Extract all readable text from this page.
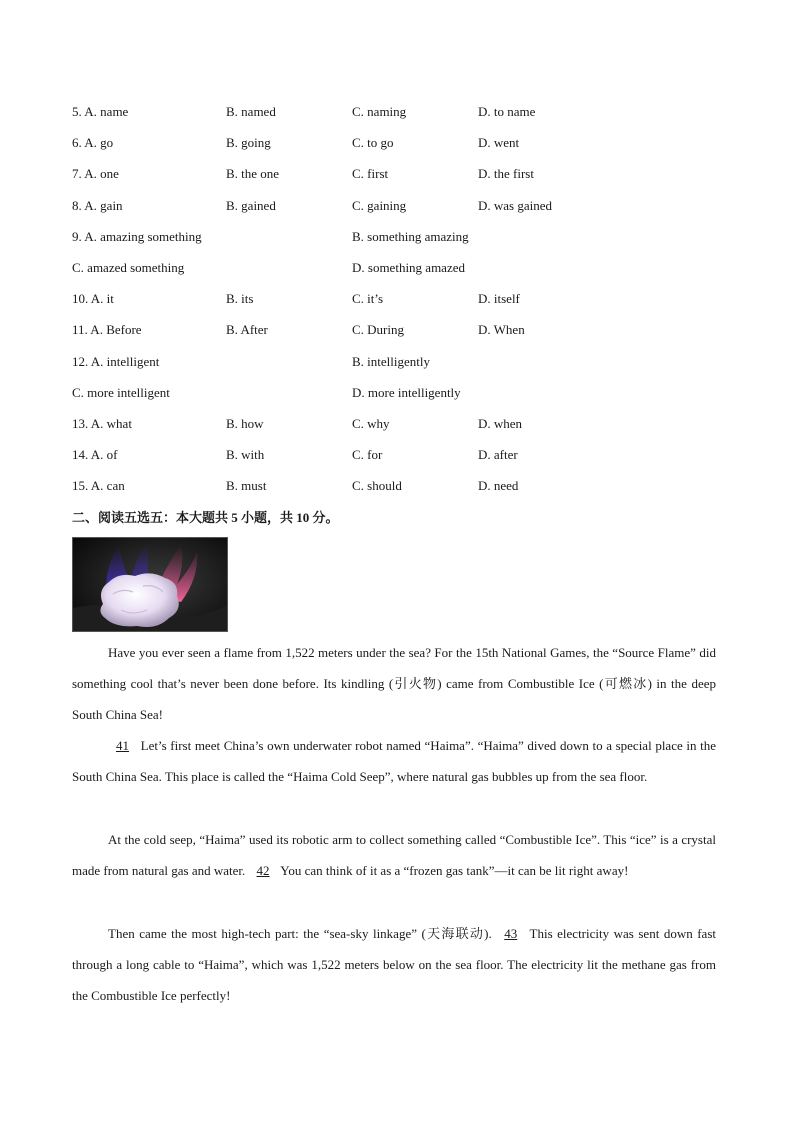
5. A. name	B. named	C. naming	D. to name
6. A. go	B. going	C. to go	D. went
7. A. one	B. the one	C. first	D. the first
8. A. gain	B. gained	C. gaining	D. was gained
9. A. amazing something	B. something amazing
C. amazed something	D. something amazed
10. A. it	B. its	C. it’s	D. itself
11. A. Before	B. After	C. During	D. When
12. A. intelligent	B. intelligently
C. more intelligent	D. more intelligently
13. A. what	B. how	C. why	D. when
14. A. of	B. with	C. for	D. after
15. A. can	B. must	C. should	D. need
二、阅读五选五：本大题共 5 小题，共 10 分。
Have you ever seen a flame from 1,522 meters under the sea? For the 15th National Games, the “Source Flame” did something cool that’s never been done before. Its kindling (引火物) came from Combustible Ice (可燃冰) in the deep South China Sea!
41 Let’s first meet China’s own underwater robot named “Haima”. “Haima” dived down to a special place in the South China Sea. This place is called the “Haima Cold Seep”, where natural gas bubbles up from the sea floor.
At the cold seep, “Haima” used its robotic arm to collect something called “Combustible Ice”. This “ice” is a crystal made from natural gas and water. 42 You can think of it as a “frozen gas tank”—it can be lit right away!
Then came the most high-tech part: the “sea-sky linkage” (天海联动). 43 This electricity was sent down fast through a long cable to “Haima”, which was 1,522 meters below on the sea floor. The electricity lit the methane gas from the Combustible Ice perfectly!
